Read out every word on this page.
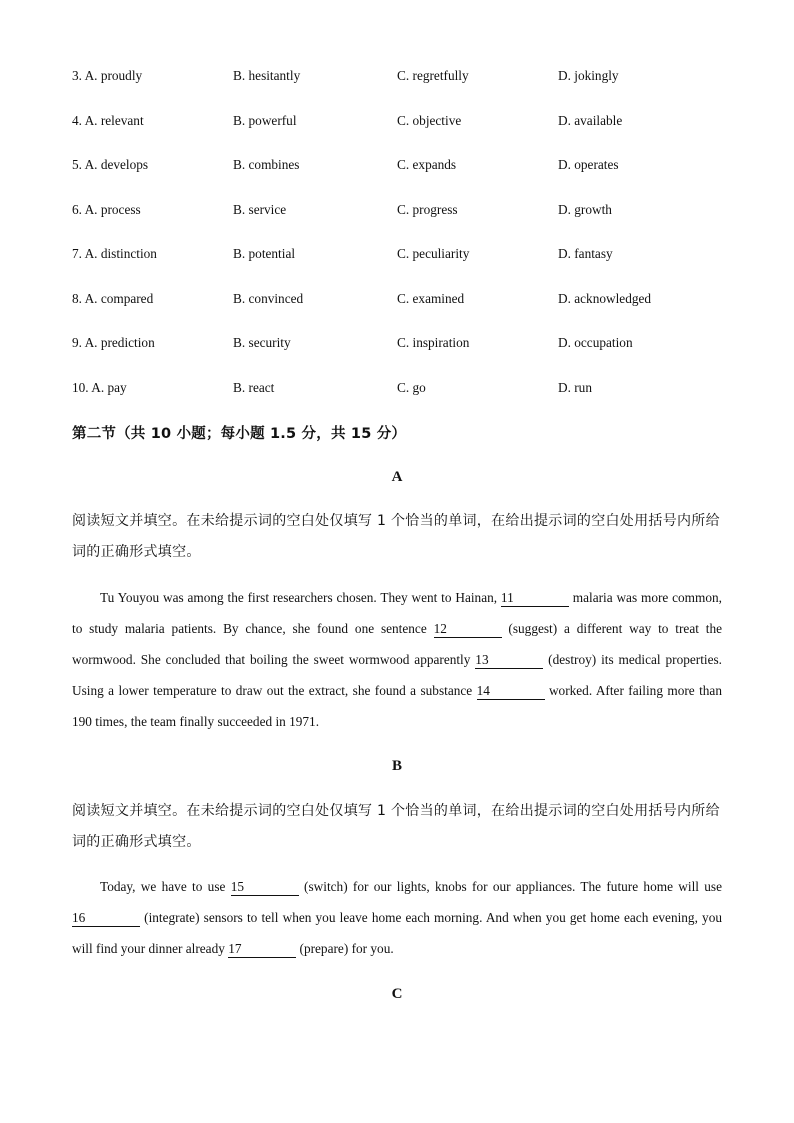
3. A. proudly	B. hesitantly	C. regretfully	D. jokingly
4. A. relevant	B. powerful	C. objective	D. available
5. A. develops	B. combines	C. expands	D. operates
6. A. process	B. service	C. progress	D. growth
7. A. distinction	B. potential	C. peculiarity	D. fantasy
8. A. compared	B. convinced	C. examined	D. acknowledged
9. A. prediction	B. security	C. inspiration	D. occupation
10. A. pay	B. react	C. go	D. run
第二节（共 10 小题；每小题 1.5 分，共 15 分）
A
阅读短文并填空。在未给提示词的空白处仅填写 1 个恰当的单词，在给出提示词的空白处用括号内所给词的正确形式填空。
Tu Youyou was among the first researchers chosen. They went to Hainan, 11	malaria was more common, to study malaria patients. By chance, she found one sentence 12	(suggest) a different way to treat the wormwood. She concluded that boiling the sweet wormwood apparently 13	(destroy) its medical properties. Using a lower temperature to draw out the extract, she found a substance 14	worked. After failing more than 190 times, the team finally succeeded in 1971.
B
阅读短文并填空。在未给提示词的空白处仅填写 1 个恰当的单词，在给出提示词的空白处用括号内所给词的正确形式填空。
Today, we have to use 15	(switch) for our lights, knobs for our appliances. The future home will use 16	(integrate) sensors to tell when you leave home each morning. And when you get home each evening, you will find your dinner already 17	(prepare) for you.
C
